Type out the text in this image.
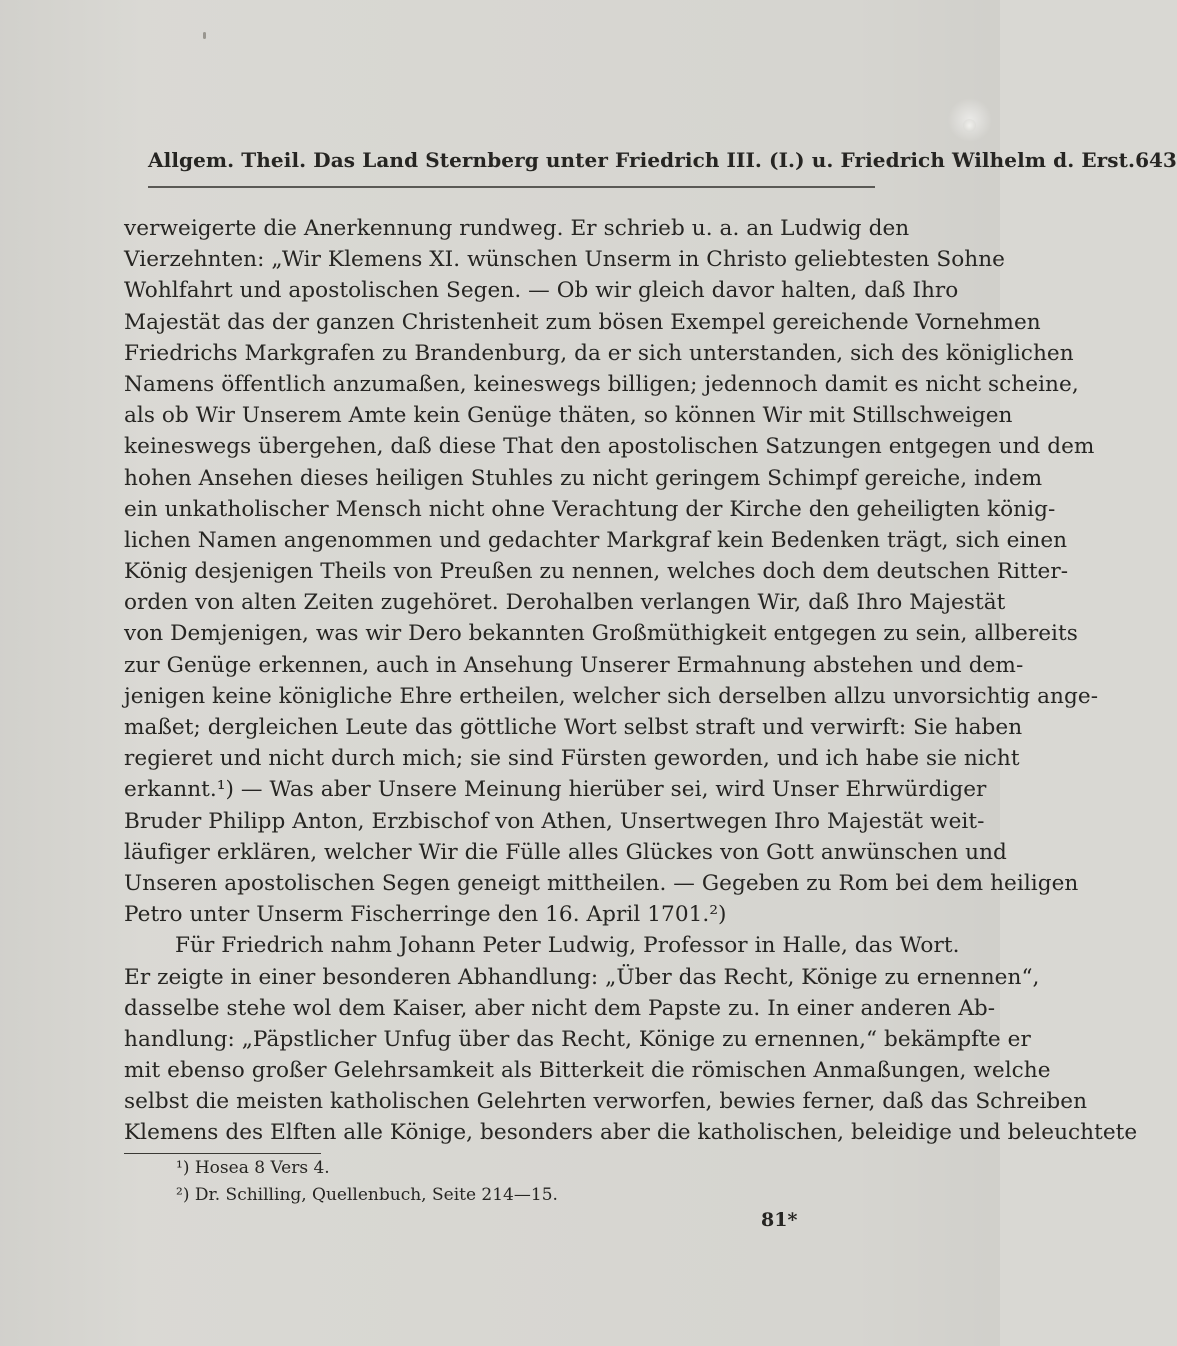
Allgem. Theil. Das Land Sternberg unter Friedrich III. (I.) u. Friedrich Wilhelm d. Erst. 643
verweigerte die Anerkennung rundweg. Er schrieb u. a. an Ludwig den
Vierzehnten: „Wir Klemens XI. wünschen Unserm in Christo geliebtesten Sohne
Wohlfahrt und apostolischen Segen. — Ob wir gleich davor halten, daß Ihro
Majestät das der ganzen Christenheit zum bösen Exempel gereichende Vornehmen
Friedrichs Markgrafen zu Brandenburg, da er sich unterstanden, sich des königlichen
Namens öffentlich anzumaßen, keineswegs billigen; jedennoch damit es nicht scheine,
als ob Wir Unserem Amte kein Genüge thäten, so können Wir mit Stillschweigen
keineswegs übergehen, daß diese That den apostolischen Satzungen entgegen und dem
hohen Ansehen dieses heiligen Stuhles zu nicht geringem Schimpf gereiche, indem
ein unkatholischer Mensch nicht ohne Verachtung der Kirche den geheiligten könig-
lichen Namen angenommen und gedachter Markgraf kein Bedenken trägt, sich einen
König desjenigen Theils von Preußen zu nennen, welches doch dem deutschen Ritter-
orden von alten Zeiten zugehöret. Derohalben verlangen Wir, daß Ihro Majestät
von Demjenigen, was wir Dero bekannten Großmüthigkeit entgegen zu sein, allbereits
zur Genüge erkennen, auch in Ansehung Unserer Ermahnung abstehen und dem-
jenigen keine königliche Ehre ertheilen, welcher sich derselben allzu unvorsichtig ange-
maßet; dergleichen Leute das göttliche Wort selbst straft und verwirft: Sie haben
regieret und nicht durch mich; sie sind Fürsten geworden, und ich habe sie nicht
erkannt.¹) — Was aber Unsere Meinung hierüber sei, wird Unser Ehrwürdiger
Bruder Philipp Anton, Erzbischof von Athen, Unsertwegen Ihro Majestät weit-
läufiger erklären, welcher Wir die Fülle alles Glückes von Gott anwünschen und
Unseren apostolischen Segen geneigt mittheilen. — Gegeben zu Rom bei dem heiligen
Petro unter Unserm Fischerringe den 16. April 1701.²)
Für Friedrich nahm Johann Peter Ludwig, Professor in Halle, das Wort.
Er zeigte in einer besonderen Abhandlung: „Über das Recht, Könige zu ernennen“,
dasselbe stehe wol dem Kaiser, aber nicht dem Papste zu. In einer anderen Ab-
handlung: „Päpstlicher Unfug über das Recht, Könige zu ernennen,“ bekämpfte er
mit ebenso großer Gelehrsamkeit als Bitterkeit die römischen Anmaßungen, welche
selbst die meisten katholischen Gelehrten verworfen, bewies ferner, daß das Schreiben
Klemens des Elften alle Könige, besonders aber die katholischen, beleidige und beleuchtete
¹) Hosea 8 Vers 4.
²) Dr. Schilling, Quellenbuch, Seite 214—15.
81*
